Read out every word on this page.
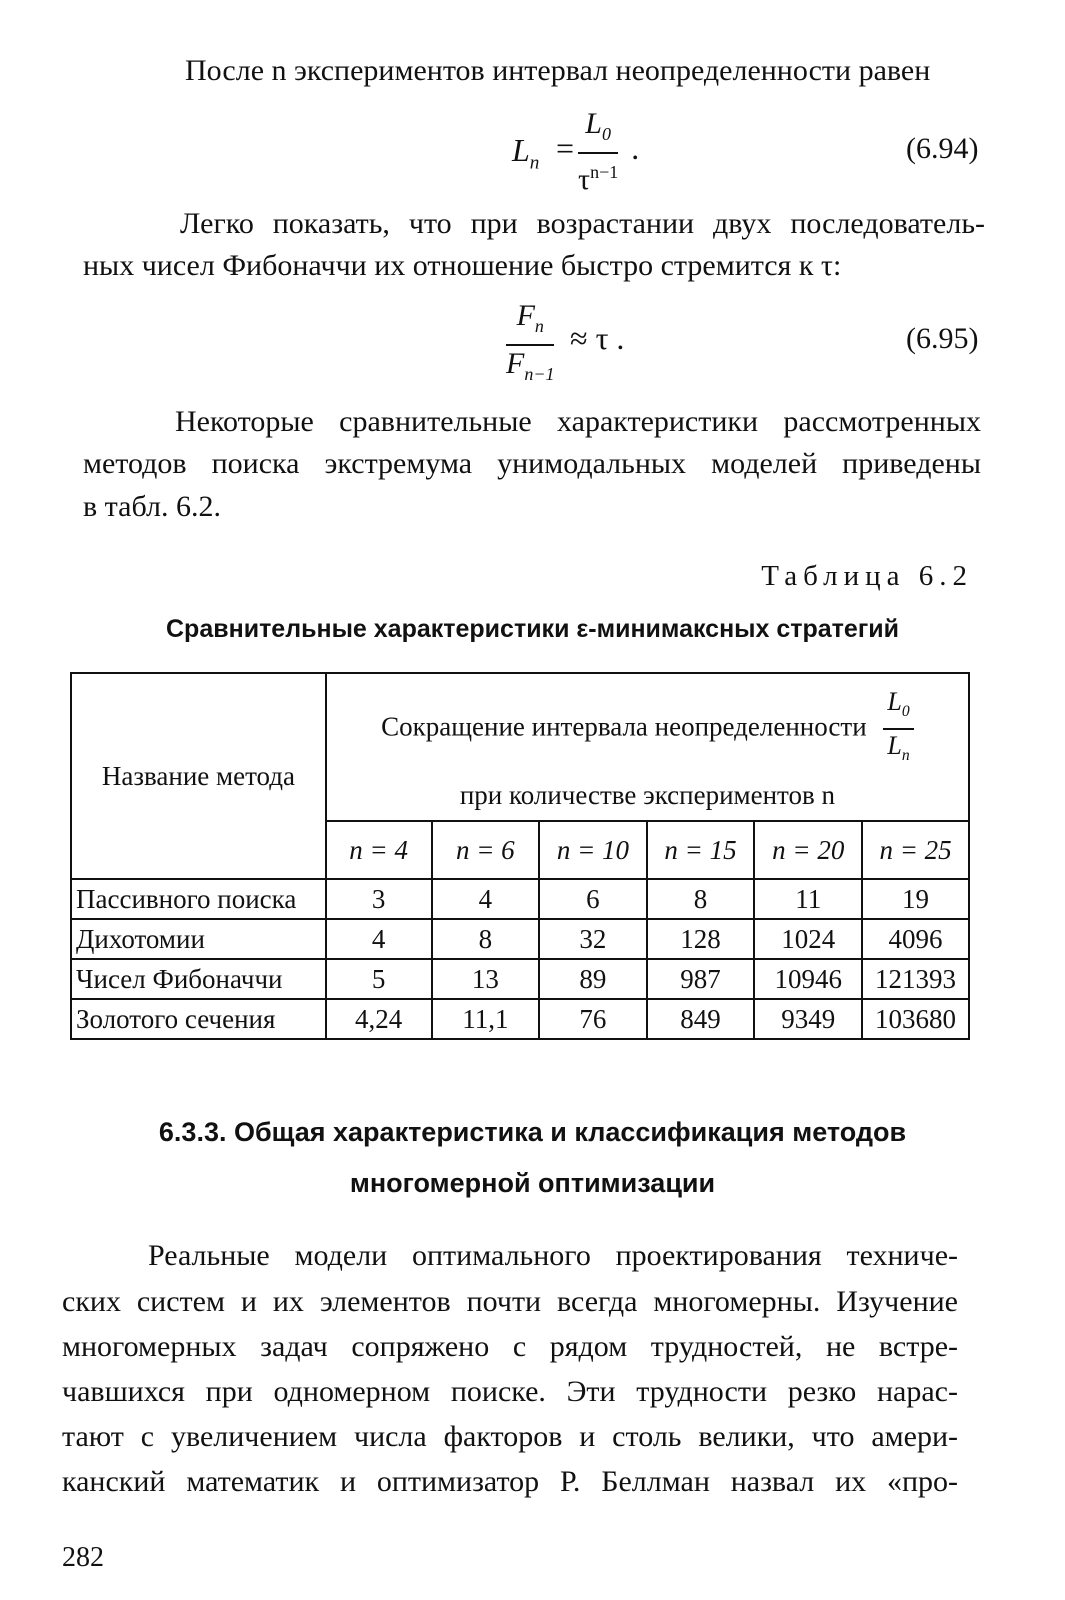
После n экспериментов интервал неопределенности равен
$L_n = \frac{L_0}{\tau^{n-1}}$ .	(6.94)
Легко показать, что при возрастании двух последователь-
ных чисел Фибоначчи их отношение быстро стремится к τ:
$\frac{F_n}{F_{n-1}} \approx \tau$ .	(6.95)
Некоторые сравнительные характеристики рассмотренных
методов поиска экстремума унимодальных моделей приведены
в табл. 6.2.
Таблица 6.2
Сравнительные характеристики ε-минимаксных стратегий
Название метода	Сокращение интервала неопределенности $\frac{L_0}{L_n}$
при количестве экспериментов n					

	n = 4	n = 6	n = 10	n = 15	n = 20	n = 25
Пассивного поиска	3	4	6	8	11	19
Дихотомии	4	8	32	128	1024	4096
Чисел Фибоначчи	5	13	89	987	10946	121393
Золотого сечения	4,24	11,1	76	849	9349	103680
6.3.3. Общая характеристика и классификация методов
многомерной оптимизации
Реальные модели оптимального проектирования техниче-
ских систем и их элементов почти всегда многомерны. Изучение
многомерных задач сопряжено с рядом трудностей, не встре-
чавшихся при одномерном поиске. Эти трудности резко нарас-
тают с увеличением числа факторов и столь велики, что амери-
канский математик и оптимизатор Р. Беллман назвал их «про-
282
